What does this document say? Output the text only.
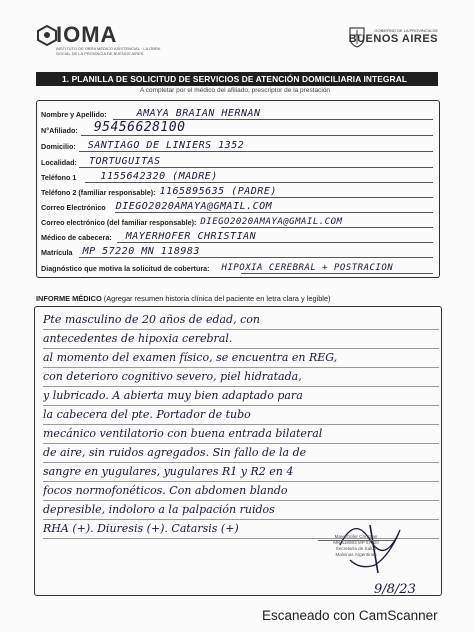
IOMA
INSTITUTO DE OBRA MÉDICO ASISTENCIAL · LA OBRA SOCIAL DE LA PROVINCIA DE BUENOS AIRES
GOBIERNO DE LA PROVINCIA DE
BUENOS AIRES
1. PLANILLA DE SOLICITUD DE SERVICIOS DE ATENCIÓN DOMICILIARIA INTEGRAL
A completar por el médico del afiliado, prescriptor de la prestación
Nombre y Apellido:	AMAYA BRAIAN HERNAN
N°Afiliado: 95456628100
Domicilio: SANTIAGO DE LINIERS 1352
Localidad: TORTUGUITAS
Teléfono 1 1155642320 (MADRE)
Teléfono 2 (familiar responsable): 1165895635 (PADRE)
Correo Electrónico DIEGO2020AMAYA@GMAIL.COM
Correo electrónico (del familiar responsable): DIEGO2020AMAYA@GMAIL.COM
Médico de cabecera: MAYERHOFER CHRISTIAN
Matrícula MP 57220 MN 118983
Diagnóstico que motiva la solicitud de cobertura: HIPOXIA CEREBRAL + POSTRACION
INFORME MÉDICO (Agregar resumen historia clínica del paciente en letra clara y legible)
Pte masculino de 20 años de edad, con
antecedentes de hipoxia cerebral.
al momento del examen físico, se encuentra en REG,
con deterioro cognitivo severo, piel hidratada,
y lubricado. A abierta muy bien adaptado para
la cabecera del pte. Portador de tubo
mecánico ventilatorio con buena entrada bilateral
de aire, sin ruidos agregados. Sin fallo de la de
sangre en yugulares, yugulares R1 y R2 en 4
focos normofonéticos. Con abdomen blando
depresible, indoloro a la palpación ruidos
RHA (+). Diuresis (+). Catarsis (+)
Mayerhofer Christian
MN 118983 MP 57220
Secretaría de Salud
Malvinas Argentinas
9/8/23
Escaneado con CamScanner
